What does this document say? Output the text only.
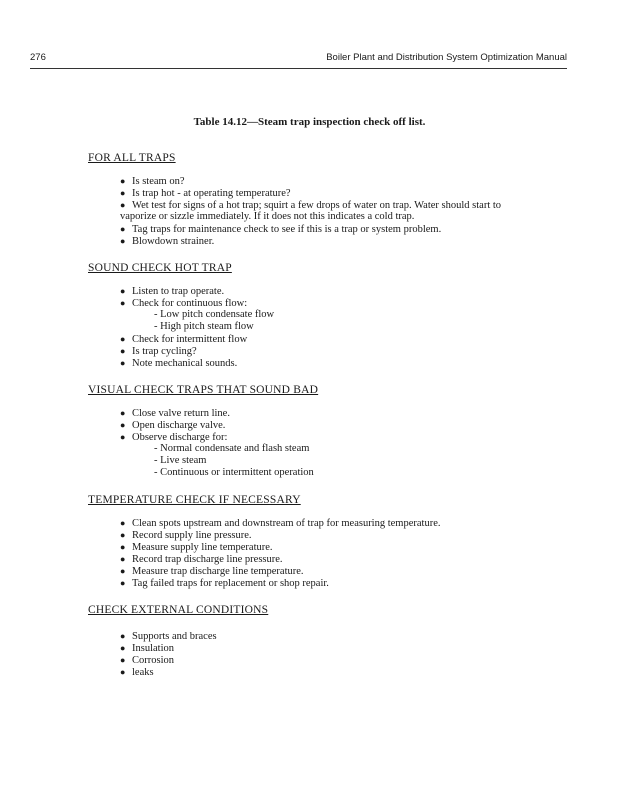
276	Boiler Plant and Distribution System Optimization Manual
Table 14.12—Steam trap inspection check off list.
FOR ALL TRAPS
● Is steam on?
● Is trap hot - at operating temperature?
● Wet test for signs of a hot trap; squirt a few drops of water on trap. Water should start to
vaporize or sizzle immediately. If it does not this indicates a cold trap.
● Tag traps for maintenance check to see if this is a trap or system problem.
● Blowdown strainer.
SOUND CHECK HOT TRAP
● Listen to trap operate.
● Check for continuous flow:
- Low pitch condensate flow
- High pitch steam flow
● Check for intermittent flow
● Is trap cycling?
● Note mechanical sounds.
VISUAL CHECK TRAPS THAT SOUND BAD
● Close valve return line.
● Open discharge valve.
● Observe discharge for:
- Normal condensate and flash steam
- Live steam
- Continuous or intermittent operation
TEMPERATURE CHECK IF NECESSARY
● Clean spots upstream and downstream of trap for measuring temperature.
● Record supply line pressure.
● Measure supply line temperature.
● Record trap discharge line pressure.
● Measure trap discharge line temperature.
● Tag failed traps for replacement or shop repair.
CHECK EXTERNAL CONDITIONS
● Supports and braces
● Insulation
● Corrosion
● leaks
